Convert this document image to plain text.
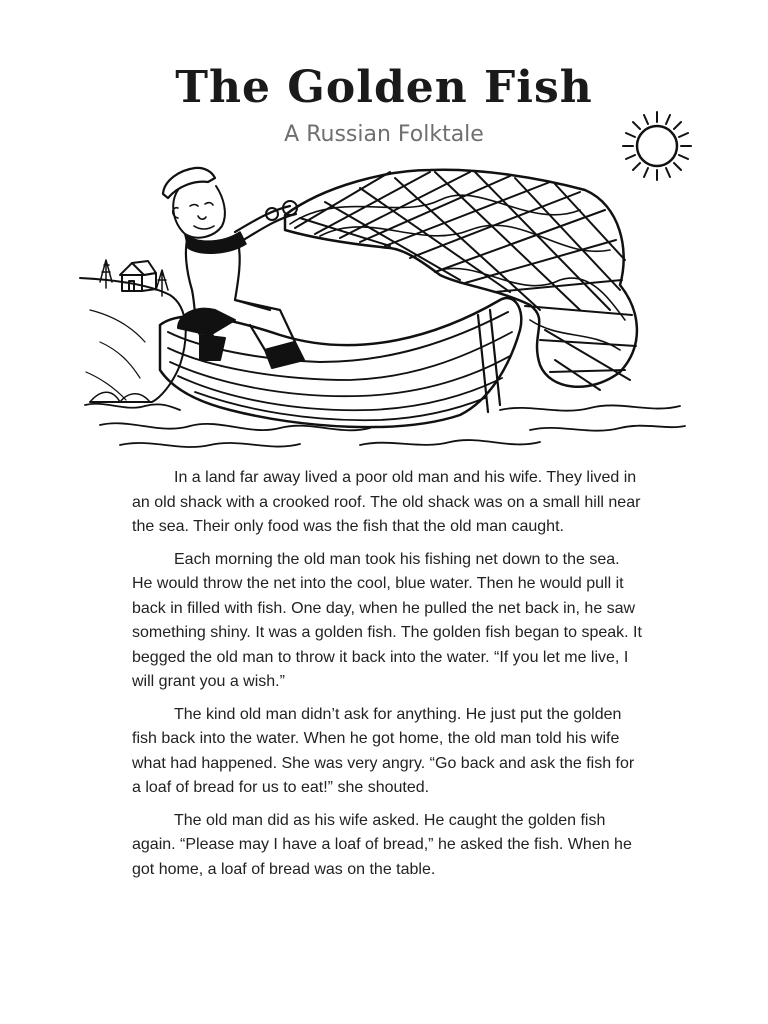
The Golden Fish
A Russian Folktale

In a land far away lived a poor old man and his wife. They lived in an old shack with a crooked roof. The old shack was on a small hill near the sea. Their only food was the fish that the old man caught.

Each morning the old man took his fishing net down to the sea. He would throw the net into the cool, blue water. Then he would pull it back in filled with fish. One day, when he pulled the net back in, he saw something shiny. It was a golden fish. The golden fish began to speak. It begged the old man to throw it back into the water. “If you let me live, I will grant you a wish.”

The kind old man didn’t ask for anything. He just put the golden fish back into the water. When he got home, the old man told his wife what had happened. She was very angry. “Go back and ask the fish for a loaf of bread for us to eat!” she shouted.

The old man did as his wife asked. He caught the golden fish again. “Please may I have a loaf of bread,” he asked the fish. When he got home, a loaf of bread was on the table.
